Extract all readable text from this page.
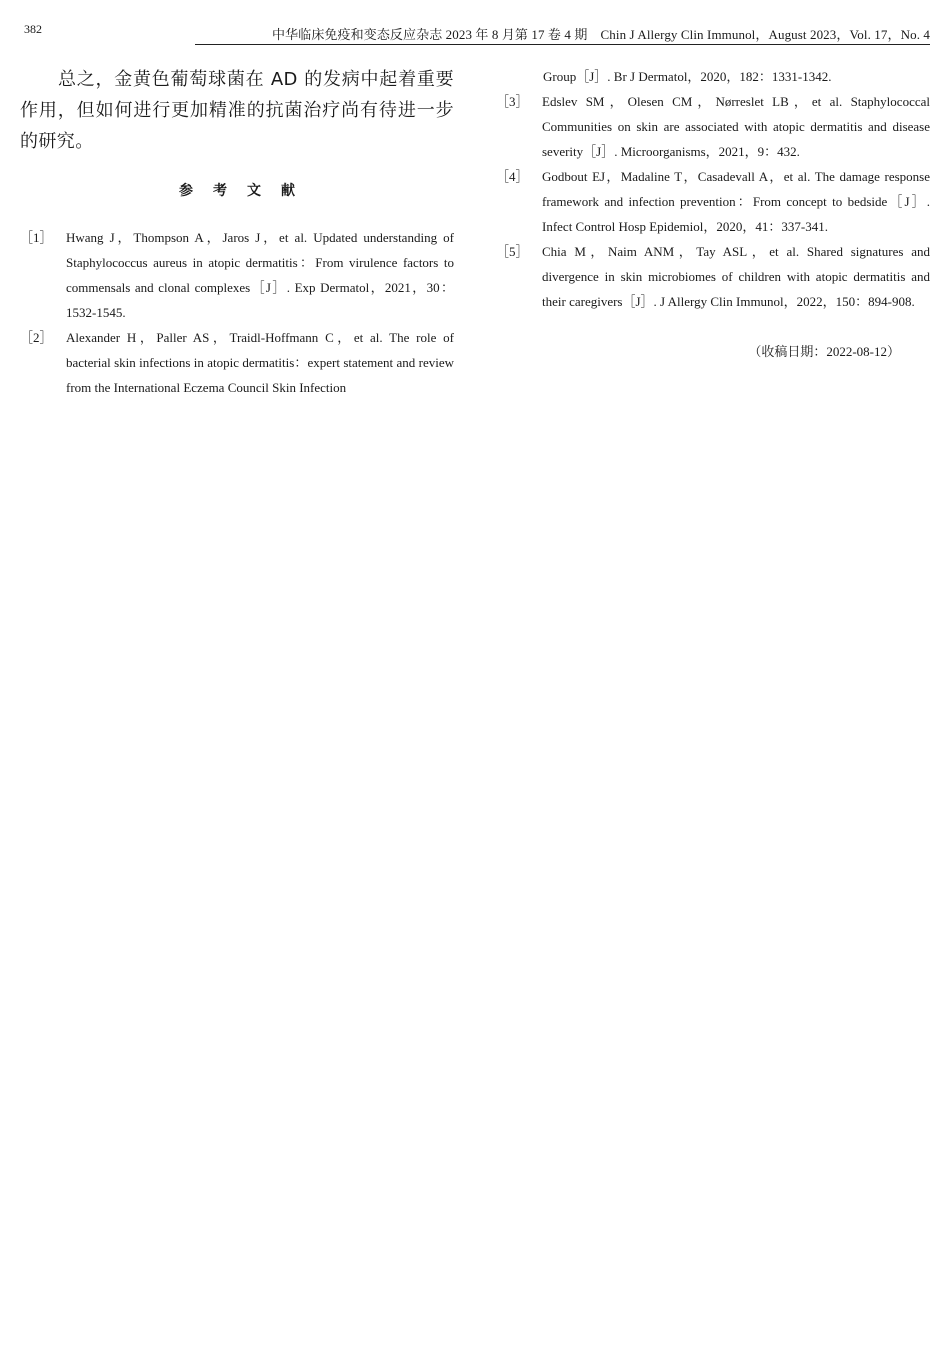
382	中华临床免疫和变态反应杂志 2023 年 8 月第 17 卷 4 期　Chin J Allergy Clin Immunol，August 2023，Vol. 17，No. 4

总之，金黄色葡萄球菌在 AD 的发病中起着重要作用，但如何进行更加精准的抗菌治疗尚有待进一步的研究。

参考文献
［1］	Hwang J，Thompson A，Jaros J，et al. Updated understanding of Staphylococcus aureus in atopic dermatitis：From virulence factors to commensals and clonal complexes［J］. Exp Dermatol，2021，30：1532-1545.
［2］	Alexander H，Paller AS，Traidl-Hoffmann C，et al. The role of bacterial skin infections in atopic dermatitis：expert statement and review from the International Eczema Council Skin Infection
Group［J］. Br J Dermatol，2020，182：1331-1342.
［3］	Edslev SM，Olesen CM，Nørreslet LB，et al. Staphylococcal Communities on skin are associated with atopic dermatitis and disease severity［J］. Microorganisms，2021，9：432.
［4］	Godbout EJ，Madaline T，Casadevall A，et al. The damage response framework and infection prevention：From concept to bedside［J］. Infect Control Hosp Epidemiol，2020，41：337-341.
［5］	Chia M，Naim ANM，Tay ASL，et al. Shared signatures and divergence in skin microbiomes of children with atopic dermatitis and their caregivers［J］. J Allergy Clin Immunol，2022，150：894-908.
（收稿日期：2022-08-12）
